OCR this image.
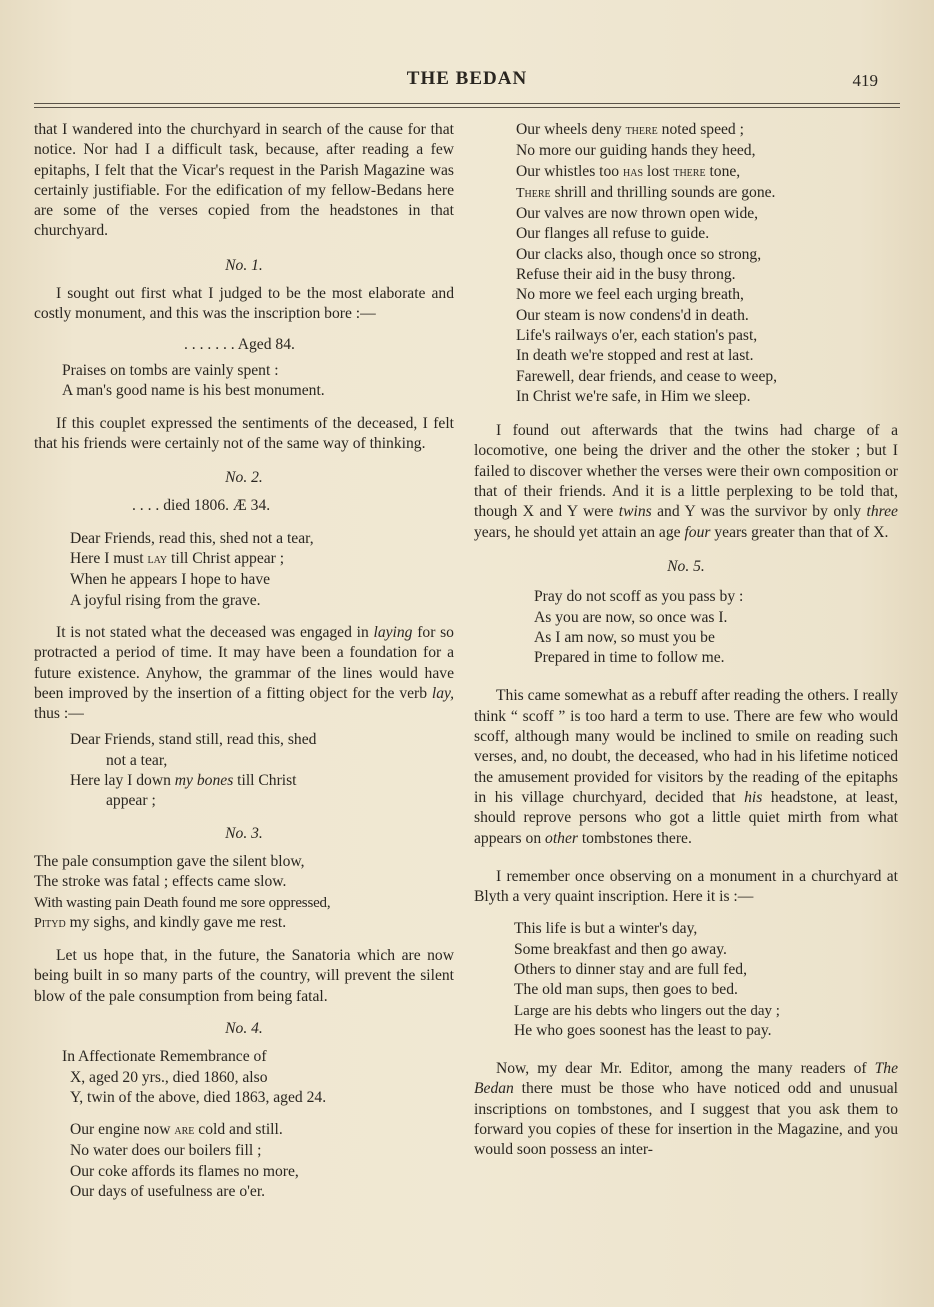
THE BEDAN	419

that I wandered into the churchyard in search of the cause for that notice. Nor had I a difficult task, because, after reading a few epitaphs, I felt that the Vicar's request in the Parish Magazine was certainly justifiable. For the edification of my fellow-Bedans here are some of the verses copied from the headstones in that churchyard.

No. 1.

I sought out first what I judged to be the most elaborate and costly monument, and this was the inscription bore :—

. . . . . . . Aged 84.
Praises on tombs are vainly spent :
A man's good name is his best monument.

If this couplet expressed the sentiments of the deceased, I felt that his friends were certainly not of the same way of thinking.

No. 2.
. . . . died 1806. Æ 34.
Dear Friends, read this, shed not a tear,
Here I must lay till Christ appear ;
When he appears I hope to have
A joyful rising from the grave.

It is not stated what the deceased was engaged in laying for so protracted a period of time. It may have been a foundation for a future existence. Anyhow, the grammar of the lines would have been improved by the insertion of a fitting object for the verb lay, thus :—

Dear Friends, stand still, read this, shed
not a tear,
Here lay I down my bones till Christ
appear ;
No. 3.
The pale consumption gave the silent blow,
The stroke was fatal ; effects came slow.
With wasting pain Death found me sore oppressed,
Pityd my sighs, and kindly gave me rest.

Let us hope that, in the future, the Sanatoria which are now being built in so many parts of the country, will prevent the silent blow of the pale consumption from being fatal.

No. 4.
In Affectionate Remembrance of
X, aged 20 yrs., died 1860, also
Y, twin of the above, died 1863, aged 24.
Our engine now are cold and still.
No water does our boilers fill ;
Our coke affords its flames no more,
Our days of usefulness are o'er.
Our wheels deny there noted speed ;
No more our guiding hands they heed,
Our whistles too has lost there tone,
There shrill and thrilling sounds are gone.
Our valves are now thrown open wide,
Our flanges all refuse to guide.
Our clacks also, though once so strong,
Refuse their aid in the busy throng.
No more we feel each urging breath,
Our steam is now condens'd in death.
Life's railways o'er, each station's past,
In death we're stopped and rest at last.
Farewell, dear friends, and cease to weep,
In Christ we're safe, in Him we sleep.

I found out afterwards that the twins had charge of a locomotive, one being the driver and the other the stoker ; but I failed to discover whether the verses were their own composition or that of their friends. And it is a little perplexing to be told that, though X and Y were twins and Y was the survivor by only three years, he should yet attain an age four years greater than that of X.

No. 5.
Pray do not scoff as you pass by :
As you are now, so once was I.
As I am now, so must you be
Prepared in time to follow me.

This came somewhat as a rebuff after reading the others. I really think “ scoff ” is too hard a term to use. There are few who would scoff, although many would be inclined to smile on reading such verses, and, no doubt, the deceased, who had in his lifetime noticed the amusement provided for visitors by the reading of the epitaphs in his village churchyard, decided that his headstone, at least, should reprove persons who got a little quiet mirth from what appears on other tombstones there.

I remember once observing on a monument in a churchyard at Blyth a very quaint inscription. Here it is :—

This life is but a winter's day,
Some breakfast and then go away.
Others to dinner stay and are full fed,
The old man sups, then goes to bed.
Large are his debts who lingers out the day ;
He who goes soonest has the least to pay.

Now, my dear Mr. Editor, among the many readers of The Bedan there must be those who have noticed odd and unusual inscriptions on tombstones, and I suggest that you ask them to forward you copies of these for insertion in the Magazine, and you would soon possess an inter-
